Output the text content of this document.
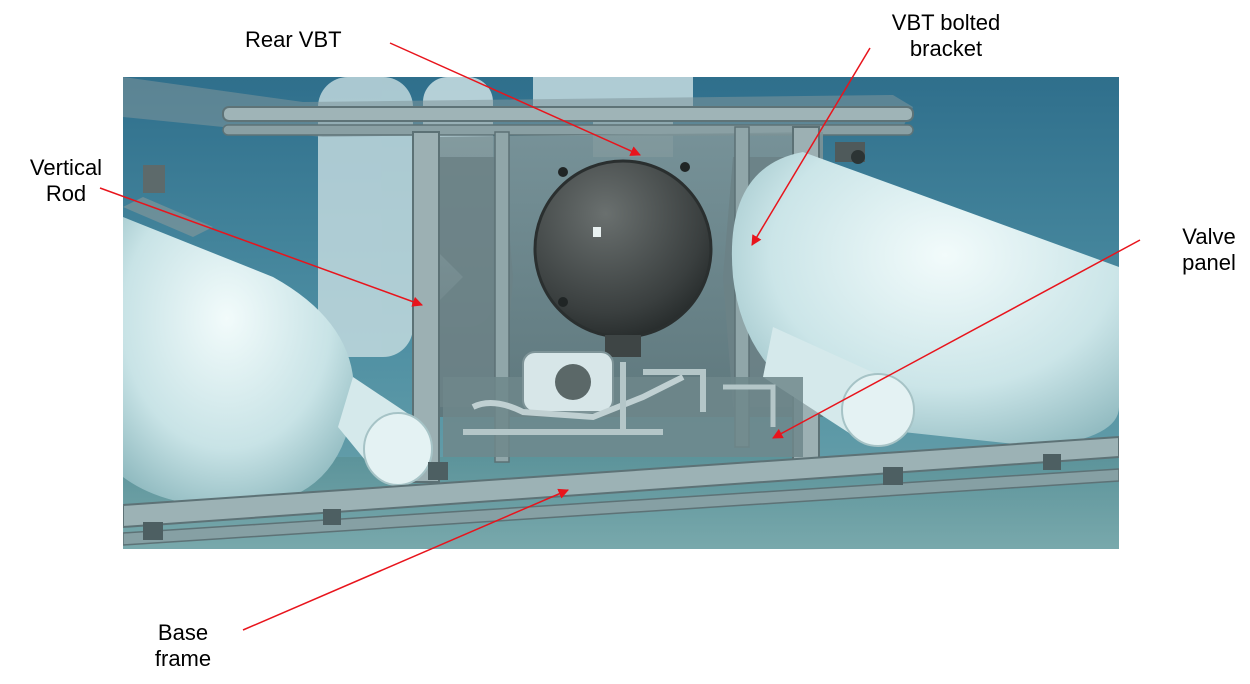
Rear VBT
VBT bolted
bracket
Vertical
Rod
Valve
panel
Base
frame
